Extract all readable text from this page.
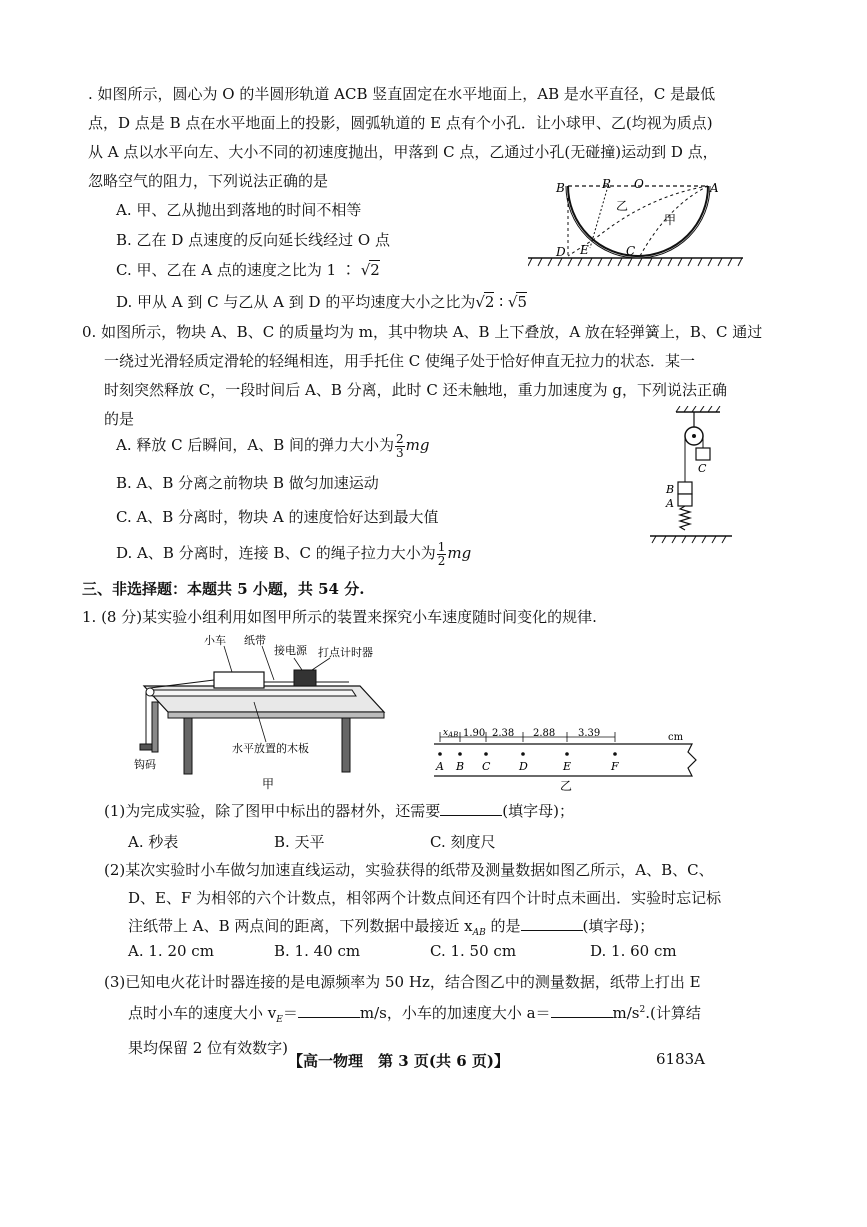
. 如图所示，圆心为 O 的半圆形轨道 ACB 竖直固定在水平地面上，AB 是水平直径，C 是最低
点，D 点是 B 点在水平地面上的投影，圆弧轨道的 E 点有个小孔．让小球甲、乙(均视为质点)
从 A 点以水平向左、大小不同的初速度抛出，甲落到 C 点，乙通过小孔(无碰撞)运动到 D 点，
忽略空气的阻力，下列说法正确的是
A. 甲、乙从抛出到落地的时间不相等
B. 乙在 D 点速度的反向延长线经过 O 点
C. 甲、乙在 A 点的速度之比为 1 ∶ √2
D. 甲从 A 到 C 与乙从 A 到 D 的平均速度大小之比为√2 ∶ √5
B	R O	A
乙
甲
D E	C
0. 如图所示，物块 A、B、C 的质量均为 m，其中物块 A、B 上下叠放，A 放在轻弹簧上，B、C 通过
一绕过光滑轻质定滑轮的轻绳相连，用手托住 C 使绳子处于恰好伸直无拉力的状态．某一
时刻突然释放 C，一段时间后 A、B 分离，此时 C 还未触地，重力加速度为 g，下列说法正确
的是
A. 释放 C 后瞬间，A、B 间的弹力大小为 $\frac{2}{3}$ mg
B. A、B 分离之前物块 B 做匀加速运动
C. A、B 分离时，物块 A 的速度恰好达到最大值
D. A、B 分离时，连接 B、C 的绳子拉力大小为 $\frac{1}{2}$ mg
C
B
A
三、非选择题：本题共 5 小题，共 54 分.
1. (8 分)某实验小组利用如图甲所示的装置来探究小车速度随时间变化的规律.
小车 纸带
接电源 打点计时器
水平放置的木板
钩码
甲
$x_{AB}$ 1.90 2.38 2.88 3.39	cm
A B C	D	E	F
乙
(1)为完成实验，除了图甲中标出的器材外，还需要	(填字母)；
A. 秒表	B. 天平	C. 刻度尺
(2)某次实验时小车做匀加速直线运动，实验获得的纸带及测量数据如图乙所示，A、B、C、
D、E、F 为相邻的六个计数点，相邻两个计数点间还有四个计时点未画出．实验时忘记标
注纸带上 A、B 两点间的距离，下列数据中最接近 $x_{AB}$ 的是	(填字母)；
A. 1. 20 cm	B. 1. 40 cm	C. 1. 50 cm	D. 1. 60 cm
(3)已知电火花计时器连接的是电源频率为 50 Hz，结合图乙中的测量数据，纸带上打出 E
点时小车的速度大小 $v_E=$	m/s，小车的加速度大小 a＝	$m/s^2$.(计算结
果均保留 2 位有效数字)
【高一物理　第 3 页(共 6 页)】	6183A
